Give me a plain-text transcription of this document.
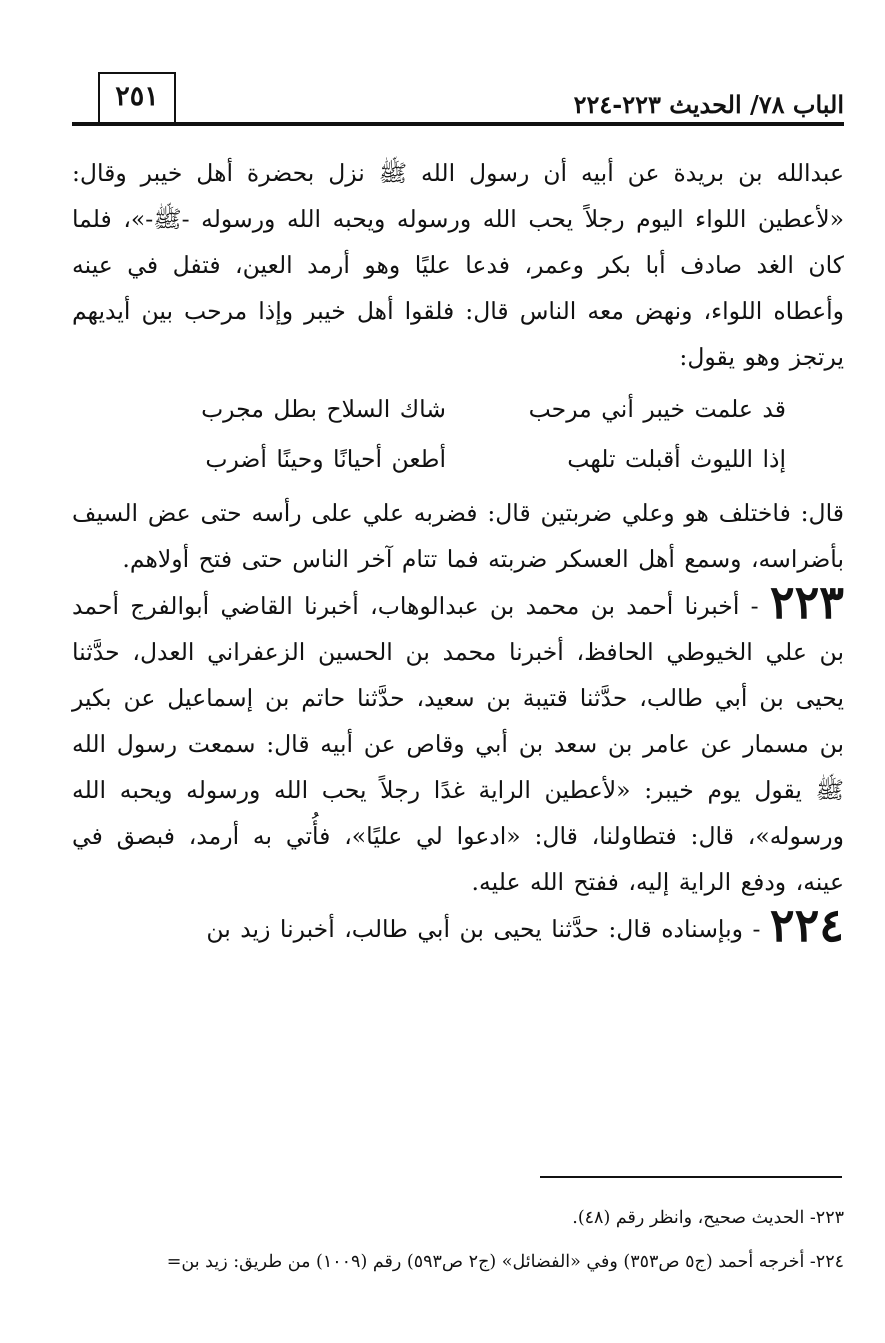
٢٥١	الباب ٧٨/ الحديث ٢٢٣-٢٢٤

عبدالله بن بريدة عن أبيه أن رسول الله ﷺ نزل بحضرة أهل خيبر وقال: «لأعطين اللواء اليوم رجلاً يحب الله ورسوله ويحبه الله ورسوله -ﷺ-»، فلما كان الغد صادف أبا بكر وعمر، فدعا عليًا وهو أرمد العين، فتفل في عينه وأعطاه اللواء، ونهض معه الناس قال: فلقوا أهل خيبر وإذا مرحب بين أيديهم يرتجز وهو يقول:

قد علمت خيبر أني مرحب
شاك السلاح بطل مجرب
إذا الليوث أقبلت تلهب
أطعن أحيانًا وحينًا أضرب

قال: فاختلف هو وعلي ضربتين قال: فضربه علي على رأسه حتى عض السيف بأضراسه، وسمع أهل العسكر ضربته فما تتام آخر الناس حتى فتح أولاهم.

٢٢٣ - أخبرنا أحمد بن محمد بن عبدالوهاب، أخبرنا القاضي أبوالفرج أحمد بن علي الخيوطي الحافظ، أخبرنا محمد بن الحسين الزعفراني العدل، حدَّثنا يحيى بن أبي طالب، حدَّثنا قتيبة بن سعيد، حدَّثنا حاتم بن إسماعيل عن بكير بن مسمار عن عامر بن سعد بن أبي وقاص عن أبيه قال: سمعت رسول الله ﷺ يقول يوم خيبر: «لأعطين الراية غدًا رجلاً يحب الله ورسوله ويحبه الله ورسوله»، قال: فتطاولنا، قال: «ادعوا لي عليًا»، فأُتي به أرمد، فبصق في عينه، ودفع الراية إليه، ففتح الله عليه.

٢٢٤ - وبإسناده قال: حدَّثنا يحيى بن أبي طالب، أخبرنا زيد بن

٢٢٣- الحديث صحيح، وانظر رقم (٤٨).

٢٢٤- أخرجه أحمد (ج٥ ص٣٥٣) وفي «الفضائل» (ج٢ ص٥٩٣) رقم (١٠٠٩) من طريق: زيد بن=
